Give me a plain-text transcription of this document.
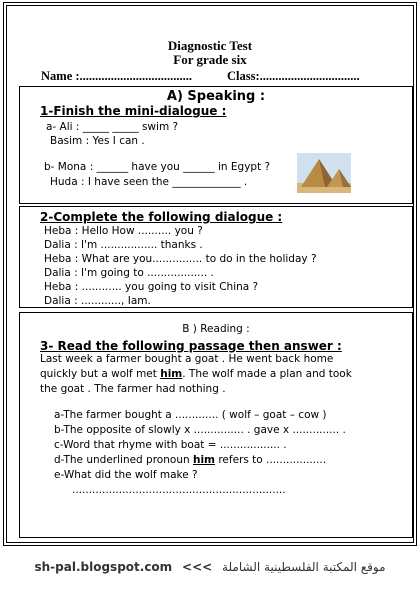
Diagnostic Test
For grade six
Name :....................................	Class:................................
A) Speaking :
1-Finish the mini-dialogue :
a- Ali : _____ _____ swim ?
Basim : Yes I can .
b- Mona : ______ have you ______ in Egypt ?
Huda : I have seen the _____________ .
2-Complete the following dialogue :
Heba : Hello How .......... you ?
Dalia : I'm ................. thanks .
Heba : What are you............... to do in the holiday ?
Dalia : I'm going to .................. .
Heba : ............ you going to visit China ?
Dalia : ............, Iam.
B ) Reading :
3- Read the following passage then answer :
Last week a farmer bought a goat . He went back home
quickly but a wolf met him. The wolf made a plan and took
the goat . The farmer had nothing .
a-The farmer bought a ............. ( wolf – goat – cow )
b-The opposite of slowly x ............... . gave x .............. .
c-Word that rhyme with boat = .................. .
d-The underlined pronoun him refers to ..................
e-What did the wolf make ?
................................................................
sh-pal.blogspot.com <<< موقع المكتبة الفلسطينية الشاملة
